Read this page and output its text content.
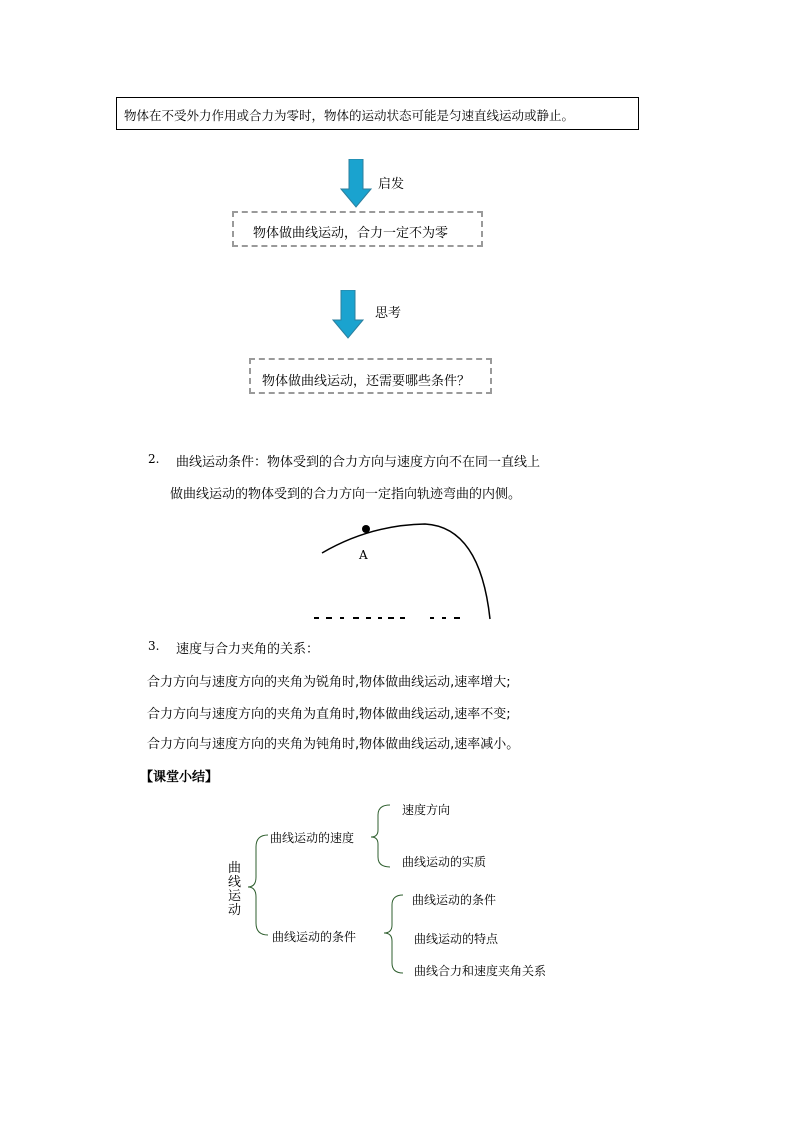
物体在不受外力作用或合力为零时，物体的运动状态可能是匀速直线运动或静止。
启发
物体做曲线运动，合力一定不为零
思考
物体做曲线运动，还需要哪些条件？
2. 曲线运动条件：物体受到的合力方向与速度方向不在同一直线上
做曲线运动的物体受到的合力方向一定指向轨迹弯曲的内侧。
A
3. 速度与合力夹角的关系：
合力方向与速度方向的夹角为锐角时,物体做曲线运动,速率增大;
合力方向与速度方向的夹角为直角时,物体做曲线运动,速率不变;
合力方向与速度方向的夹角为钝角时,物体做曲线运动,速率减小。
【课堂小结】
曲线运动
曲线运动的速度
速度方向
曲线运动的实质
曲线运动的条件
曲线运动的条件
曲线运动的特点
曲线合力和速度夹角关系
